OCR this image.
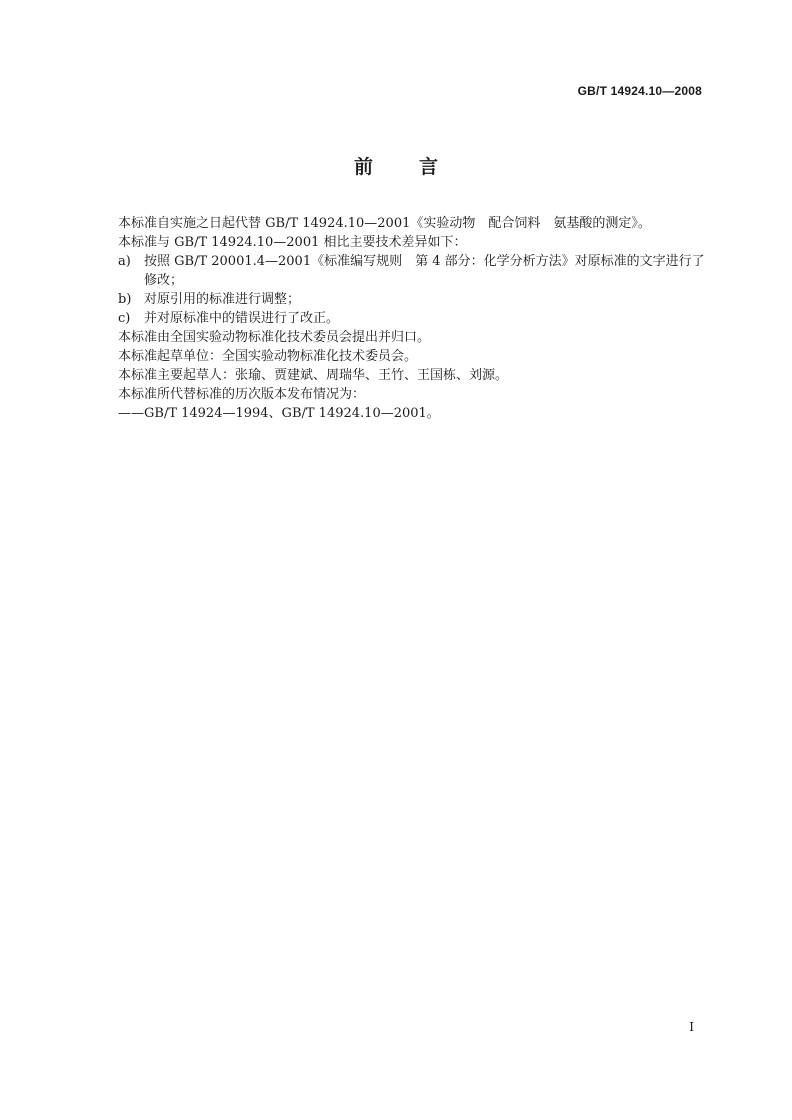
GB/T 14924.10—2008
前言

本标准自实施之日起代替 GB/T 14924.10—2001《实验动物　配合饲料　氨基酸的测定》。

本标准与 GB/T 14924.10—2001 相比主要技术差异如下：

a)	按照 GB/T 20001.4—2001《标准编写规则　第 4 部分：化学分析方法》对原标准的文字进行了修改；
b) 对原引用的标准进行调整；
c)	并对原标准中的错误进行了改正。

本标准由全国实验动物标准化技术委员会提出并归口。

本标准起草单位：全国实验动物标准化技术委员会。

本标准主要起草人：张瑜、贾建斌、周瑞华、王竹、王国栋、刘源。

本标准所代替标准的历次版本发布情况为：

——GB/T 14924—1994、GB/T 14924.10—2001。

I
